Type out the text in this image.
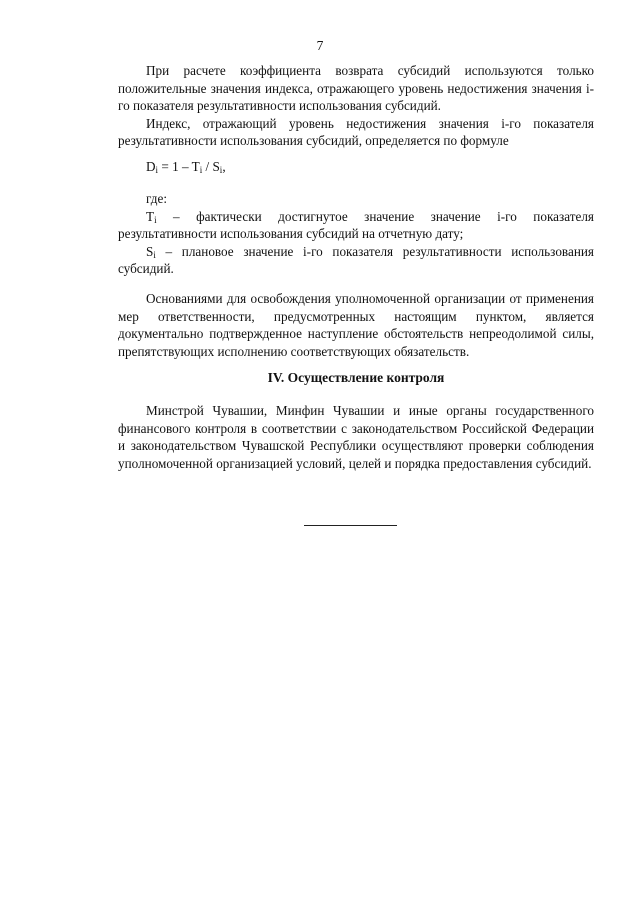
7

При расчете коэффициента возврата субсидий используются только положительные значения индекса, отражающего уровень недостижения значения i-го показателя результативности использования субсидий.

Индекс, отражающий уровень недостижения значения i-го показателя результативности использования субсидий, определяется по формуле

$D_i = 1 - T_i / S_i$,

где:

$T_i$ – фактически достигнутое значение значение i-го показателя результативности использования субсидий на отчетную дату;

$S_i$ – плановое значение i-го показателя результативности использования субсидий.

Основаниями для освобождения уполномоченной организации от применения мер ответственности, предусмотренных настоящим пунктом, является документально подтвержденное наступление обстоятельств непреодолимой силы, препятствующих исполнению соответствующих обязательств.

IV. Осуществление контроля

Минстрой Чувашии, Минфин Чувашии и иные органы государственного финансового контроля в соответствии с законодательством Российской Федерации и законодательством Чувашской Республики осуществляют проверки соблюдения уполномоченной организацией условий, целей и порядка предоставления субсидий.
